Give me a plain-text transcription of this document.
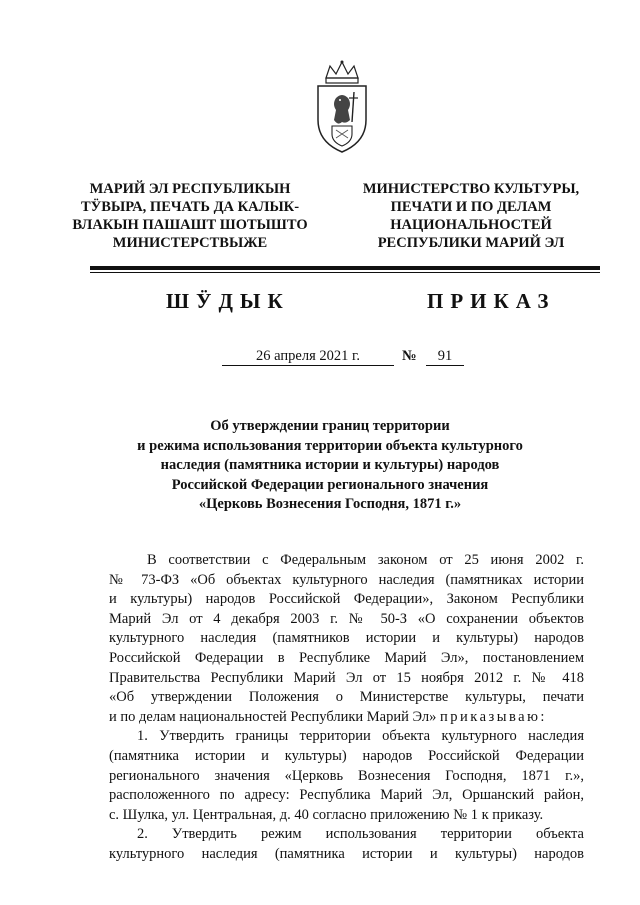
МАРИЙ ЭЛ РЕСПУБЛИКЫН
ТӰВЫРА, ПЕЧАТЬ ДА КАЛЫК-
ВЛАКЫН ПАШАШТ ШОТЫШТО
МИНИСТЕРСТВЫЖЕ
МИНИСТЕРСТВО КУЛЬТУРЫ,
ПЕЧАТИ И ПО ДЕЛАМ
НАЦИОНАЛЬНОСТЕЙ
РЕСПУБЛИКИ МАРИЙ ЭЛ
ШӰДЫК	ПРИКАЗ
26 апреля 2021 г.	№	91
Об утверждении границ территории
и режима использования территории объекта культурного
наследия (памятника истории и культуры) народов
Российской Федерации регионального значения
«Церковь Вознесения Господня, 1871 г.»
В соответствии с Федеральным законом от 25 июня 2002 г.
№ 73-ФЗ «Об объектах культурного наследия (памятниках истории
и культуры) народов Российской Федерации», Законом Республики
Марий Эл от 4 декабря 2003 г. № 50-З «О сохранении объектов
культурного наследия (памятников истории и культуры) народов
Российской Федерации в Республике Марий Эл», постановлением
Правительства Республики Марий Эл от 15 ноября 2012 г. № 418
«Об утверждении Положения о Министерстве культуры, печати
и по делам национальностей Республики Марий Эл» приказываю:
1. Утвердить границы территории объекта культурного наследия
(памятника истории и культуры) народов Российской Федерации
регионального значения «Церковь Вознесения Господня, 1871 г.»,
расположенного по адресу: Республика Марий Эл, Оршанский район,
с. Шулка, ул. Центральная, д. 40 согласно приложению № 1 к приказу.
2. Утвердить режим использования территории объекта
культурного наследия (памятника истории и культуры) народов
